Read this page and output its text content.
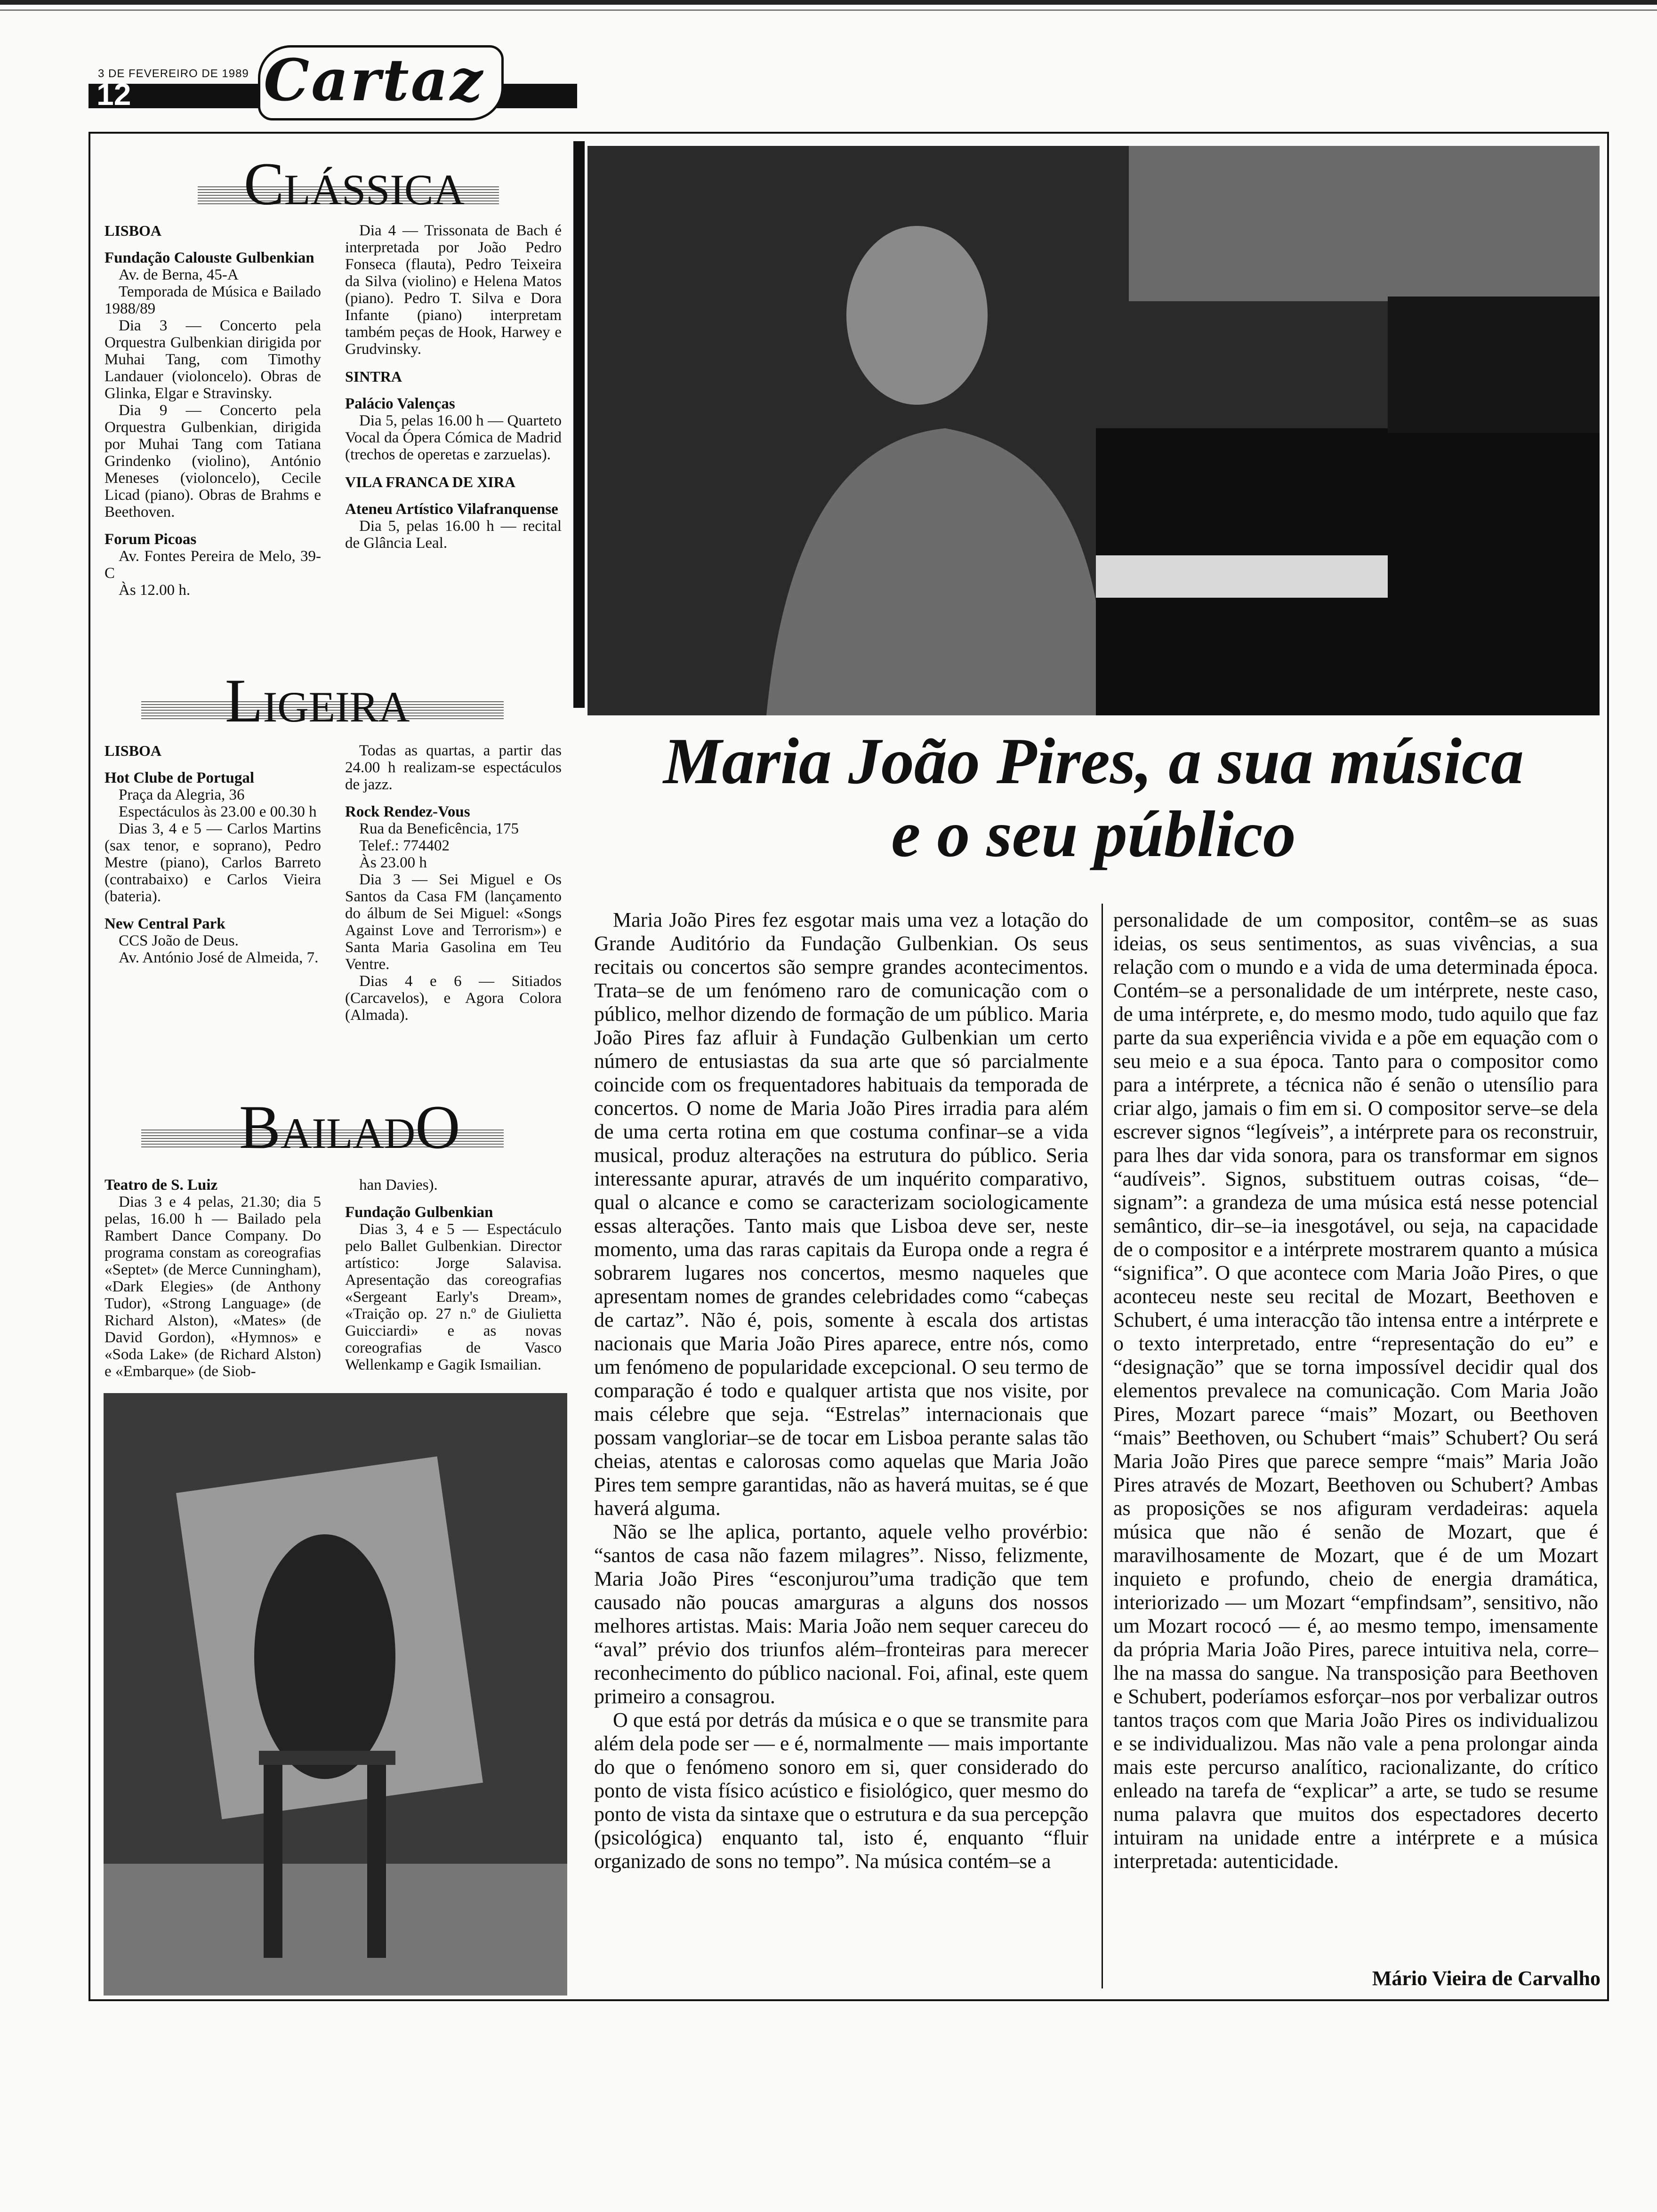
3 DE FEVEREIRO DE 1989
12 Cartaz
CLÁSSICA

LISBOA

Fundação Calouste Gulbenkian

Av. de Berna, 45-A

Temporada de Música e Bailado 1988/89

Dia 3 — Concerto pela Orquestra Gulbenkian dirigida por Muhai Tang, com Timothy Landauer (violoncelo). Obras de Glinka, Elgar e Stravinsky.

Dia 9 — Concerto pela Orquestra Gulbenkian, dirigida por Muhai Tang com Tatiana Grindenko (violino), António Meneses (violoncelo), Cecile Licad (piano). Obras de Brahms e Beethoven.

Forum Picoas

Av. Fontes Pereira de Melo, 39-C

Às 12.00 h.

Dia 4 — Trissonata de Bach é interpretada por João Pedro Fonseca (flauta), Pedro Teixeira da Silva (violino) e Helena Matos (piano). Pedro T. Silva e Dora Infante (piano) interpretam também peças de Hook, Harwey e Grudvinsky.

SINTRA

Palácio Valenças

Dia 5, pelas 16.00 h — Quarteto Vocal da Ópera Cómica de Madrid (trechos de operetas e zarzuelas).

VILA FRANCA DE XIRA

Ateneu Artístico Vilafranquense

Dia 5, pelas 16.00 h — recital de Glância Leal.

LIGEIRA

LISBOA

Hot Clube de Portugal

Praça da Alegria, 36

Espectáculos às 23.00 e 00.30 h

Dias 3, 4 e 5 — Carlos Martins (sax tenor, e soprano), Pedro Mestre (piano), Carlos Barreto (contrabaixo) e Carlos Vieira (bateria).

New Central Park

CCS João de Deus.

Av. António José de Almeida, 7.

Todas as quartas, a partir das 24.00 h realizam-se espectáculos de jazz.

Rock Rendez-Vous

Rua da Beneficência, 175

Telef.: 774402

Às 23.00 h

Dia 3 — Sei Miguel e Os Santos da Casa FM (lançamento do álbum de Sei Miguel: «Songs Against Love and Terrorism») e Santa Maria Gasolina em Teu Ventre.

Dias 4 e 6 — Sitiados (Carcavelos), e Agora Colora (Almada).

BAILADO

Teatro de S. Luiz

Dias 3 e 4 pelas, 21.30; dia 5 pelas, 16.00 h — Bailado pela Rambert Dance Company. Do programa constam as coreografias «Septet» (de Merce Cunningham), «Dark Elegies» (de Anthony Tudor), «Strong Language» (de Richard Alston), «Mates» (de David Gordon), «Hymnos» e «Soda Lake» (de Richard Alston) e «Embarque» (de Siob-

han Davies).

Fundação Gulbenkian

Dias 3, 4 e 5 — Espectáculo pelo Ballet Gulbenkian. Director artístico: Jorge Salavisa. Apresentação das coreografias «Sergeant Early's Dream», «Traição op. 27 n.º de Giulietta Guicciardi» e as novas coreografias de Vasco Wellenkamp e Gagik Ismailian.

Maria João Pires, a sua música
e o seu público

Maria João Pires fez esgotar mais uma vez a lotação do Grande Auditório da Fundação Gulbenkian. Os seus recitais ou concertos são sempre grandes acontecimentos. Trata–se de um fenómeno raro de comunicação com o público, melhor dizendo de formação de um público. Maria João Pires faz afluir à Fundação Gulbenkian um certo número de entusiastas da sua arte que só parcialmente coincide com os frequentadores habituais da temporada de concertos. O nome de Maria João Pires irradia para além de uma certa rotina em que costuma confinar–se a vida musical, produz alterações na estrutura do público. Seria interessante apurar, através de um inquérito comparativo, qual o alcance e como se caracterizam sociologicamente essas alterações. Tanto mais que Lisboa deve ser, neste momento, uma das raras capitais da Europa onde a regra é sobrarem lugares nos concertos, mesmo naqueles que apresentam nomes de grandes celebridades como “cabeças de cartaz”. Não é, pois, somente à escala dos artistas nacionais que Maria João Pires aparece, entre nós, como um fenómeno de popularidade excepcional. O seu termo de comparação é todo e qualquer artista que nos visite, por mais célebre que seja. “Estrelas” internacionais que possam vangloriar–se de tocar em Lisboa perante salas tão cheias, atentas e calorosas como aquelas que Maria João Pires tem sempre garantidas, não as haverá muitas, se é que haverá alguma.

Não se lhe aplica, portanto, aquele velho provérbio: “santos de casa não fazem milagres”. Nisso, felizmente, Maria João Pires “esconjurou”uma tradição que tem causado não poucas amarguras a alguns dos nossos melhores artistas. Mais: Maria João nem sequer careceu do “aval” prévio dos triunfos além–fronteiras para merecer reconhecimento do público nacional. Foi, afinal, este quem primeiro a consagrou.

O que está por detrás da música e o que se transmite para além dela pode ser — e é, normalmente — mais importante do que o fenómeno sonoro em si, quer considerado do ponto de vista físico acústico e fisiológico, quer mesmo do ponto de vista da sintaxe que o estrutura e da sua percepção (psicológica) enquanto tal, isto é, enquanto “fluir organizado de sons no tempo”. Na música contém–se a

personalidade de um compositor, contêm–se as suas ideias, os seus sentimentos, as suas vivências, a sua relação com o mundo e a vida de uma determinada época. Contém–se a personalidade de um intérprete, neste caso, de uma intérprete, e, do mesmo modo, tudo aquilo que faz parte da sua experiência vivida e a põe em equação com o seu meio e a sua época. Tanto para o compositor como para a intérprete, a técnica não é senão o utensílio para criar algo, jamais o fim em si. O compositor serve–se dela escrever signos “legíveis”, a intérprete para os reconstruir, para lhes dar vida sonora, para os transformar em signos “audíveis”. Signos, substituem outras coisas, “de–signam”: a grandeza de uma música está nesse potencial semântico, dir–se–ia inesgotável, ou seja, na capacidade de o compositor e a intérprete mostrarem quanto a música “significa”. O que acontece com Maria João Pires, o que aconteceu neste seu recital de Mozart, Beethoven e Schubert, é uma interacção tão intensa entre a intérprete e o texto interpretado, entre “representação do eu” e “designação” que se torna impossível decidir qual dos elementos prevalece na comunicação. Com Maria João Pires, Mozart parece “mais” Mozart, ou Beethoven “mais” Beethoven, ou Schubert “mais” Schubert? Ou será Maria João Pires que parece sempre “mais” Maria João Pires através de Mozart, Beethoven ou Schubert? Ambas as proposições se nos afiguram verdadeiras: aquela música que não é senão de Mozart, que é maravilhosamente de Mozart, que é de um Mozart inquieto e profundo, cheio de energia dramática, interiorizado — um Mozart “empfindsam”, sensitivo, não um Mozart rococó — é, ao mesmo tempo, imensamente da própria Maria João Pires, parece intuitiva nela, corre–lhe na massa do sangue. Na transposição para Beethoven e Schubert, poderíamos esforçar–nos por verbalizar outros tantos traços com que Maria João Pires os individualizou e se individualizou. Mas não vale a pena prolongar ainda mais este percurso analítico, racionalizante, do crítico enleado na tarefa de “explicar” a arte, se tudo se resume numa palavra que muitos dos espectadores decerto intuiram na unidade entre a intérprete e a música interpretada: autenticidade.

Mário Vieira de Carvalho
